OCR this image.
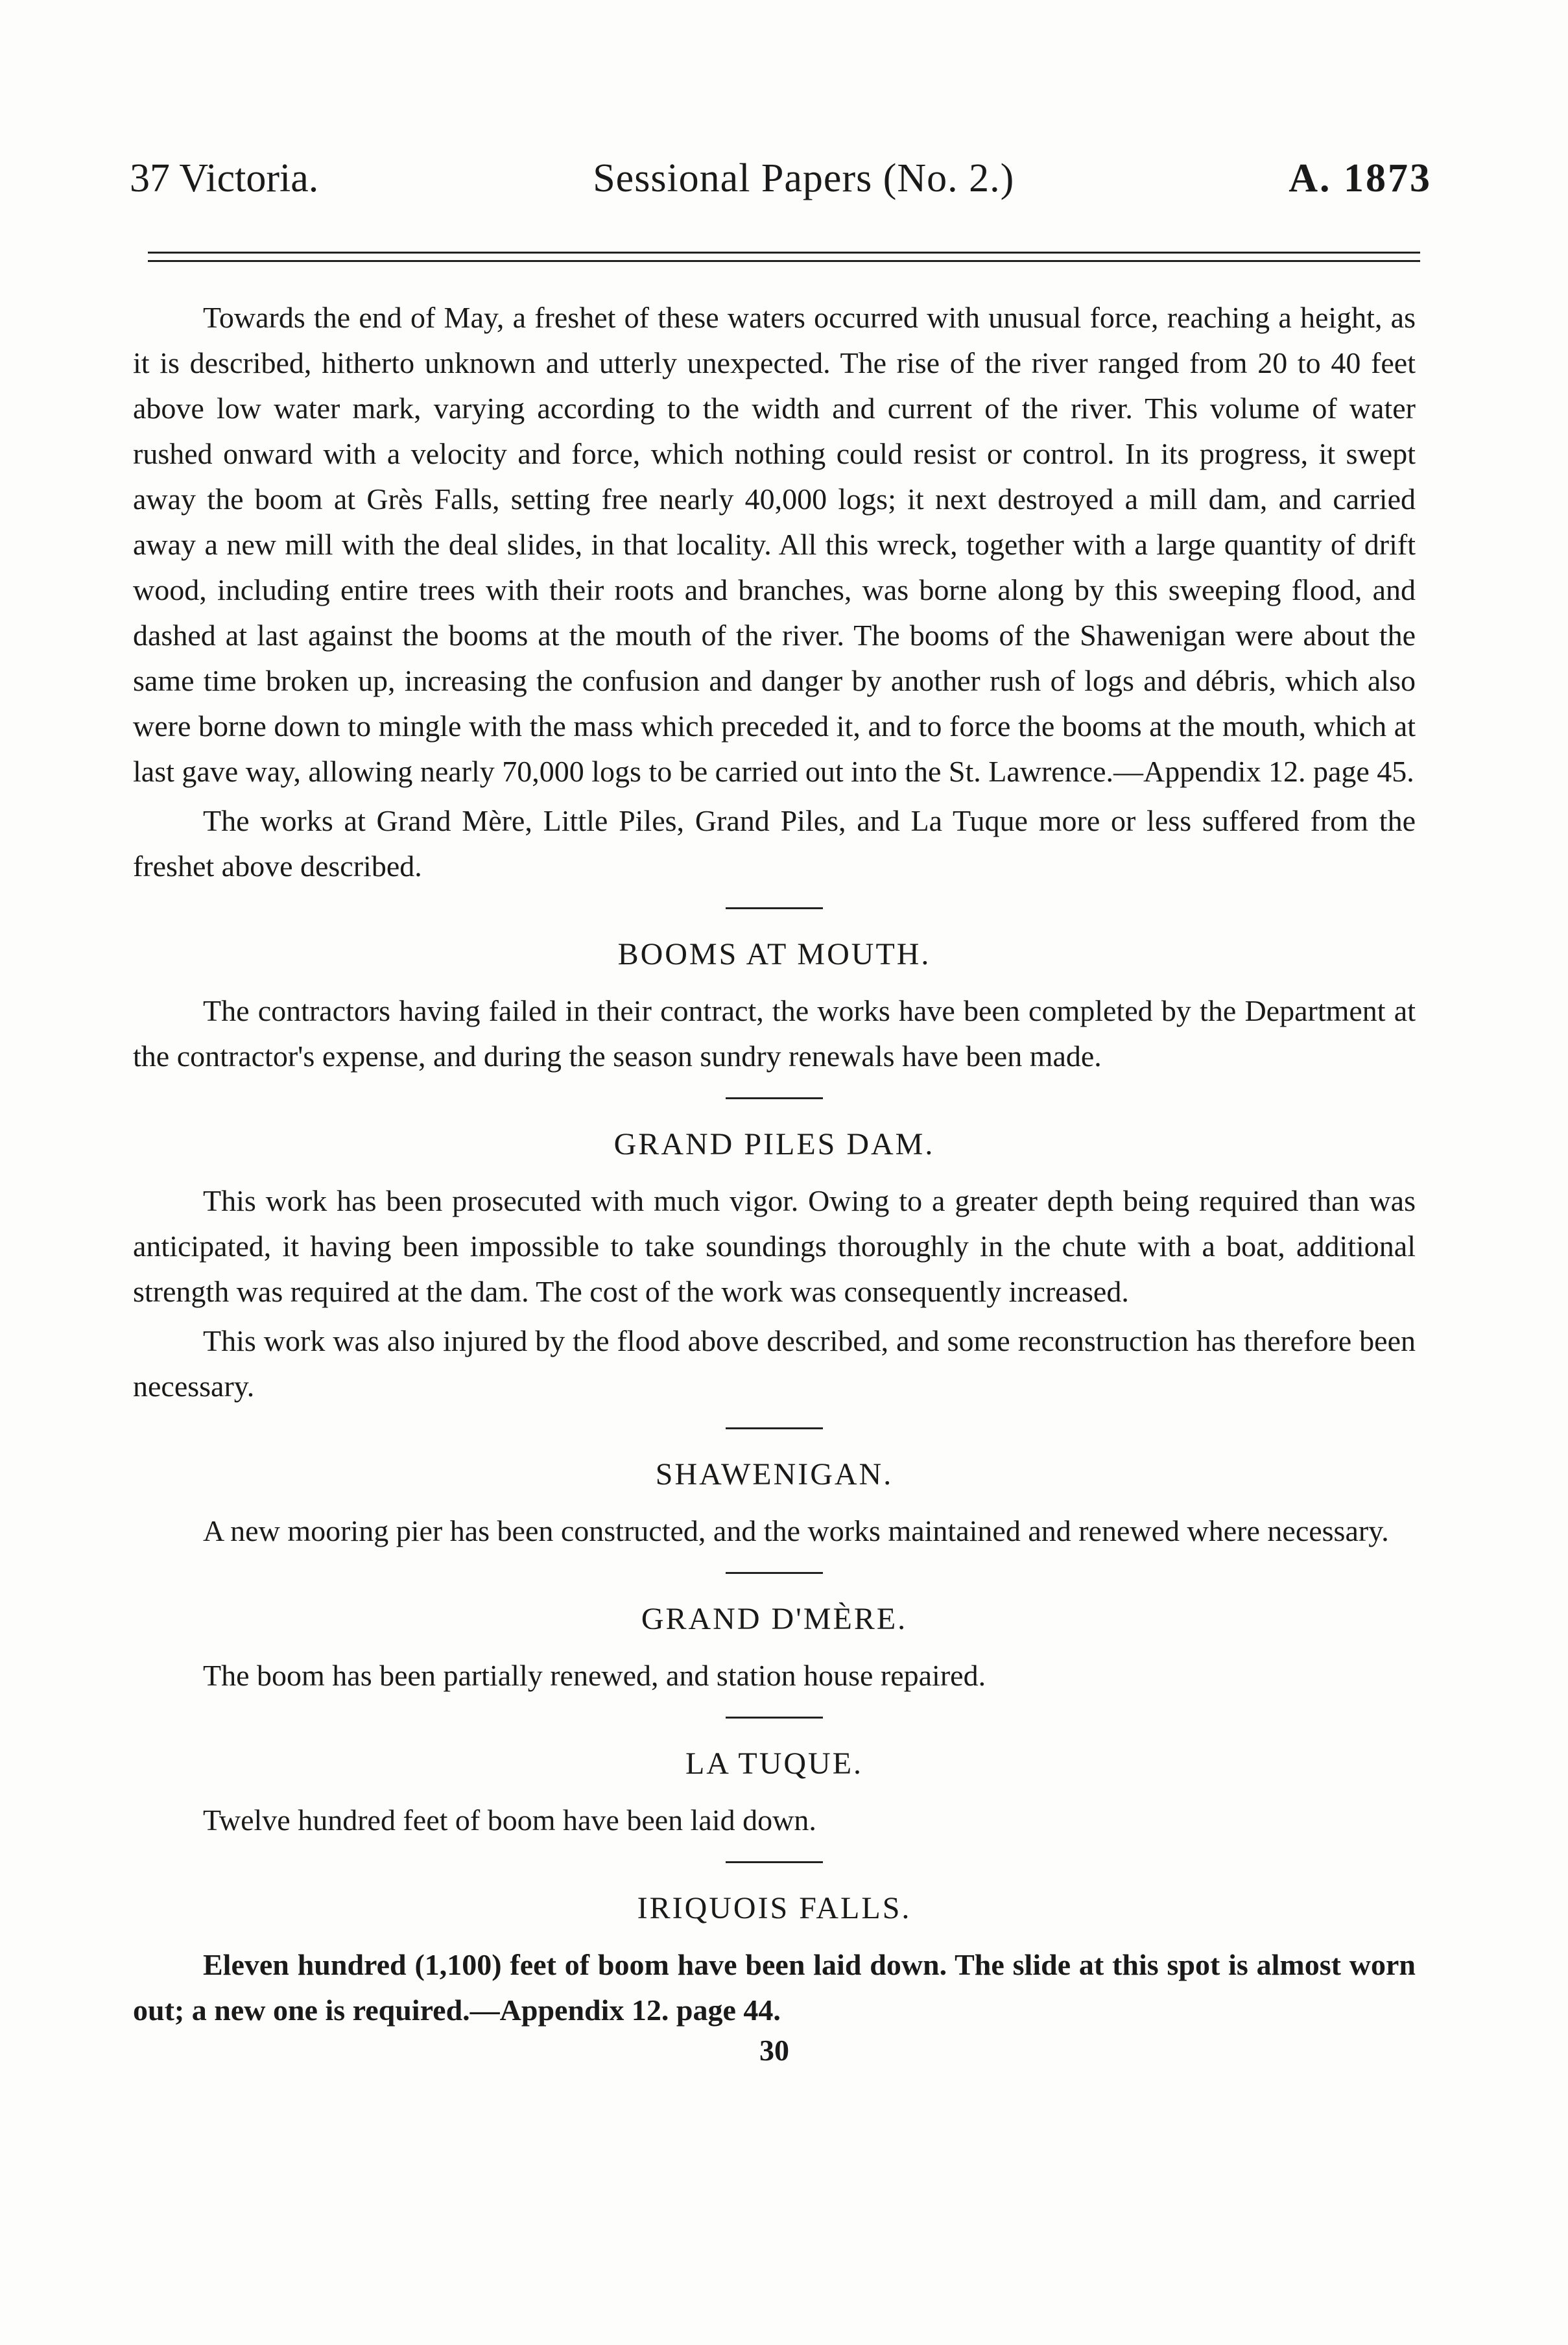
37 Victoria.	Sessional Papers (No. 2.)	A. 1873

Towards the end of May, a freshet of these waters occurred with unusual force, reaching a height, as it is described, hitherto unknown and utterly unexpected. The rise of the river ranged from 20 to 40 feet above low water mark, varying according to the width and current of the river. This volume of water rushed onward with a velocity and force, which nothing could resist or control. In its progress, it swept away the boom at Grès Falls, setting free nearly 40,000 logs; it next destroyed a mill dam, and carried away a new mill with the deal slides, in that locality. All this wreck, together with a large quantity of drift wood, including entire trees with their roots and branches, was borne along by this sweeping flood, and dashed at last against the booms at the mouth of the river. The booms of the Shawenigan were about the same time broken up, increasing the confusion and danger by another rush of logs and débris, which also were borne down to mingle with the mass which preceded it, and to force the booms at the mouth, which at last gave way, allowing nearly 70,000 logs to be carried out into the St. Lawrence.—Appendix 12. page 45.

The works at Grand Mère, Little Piles, Grand Piles, and La Tuque more or less suffered from the freshet above described.

BOOMS AT MOUTH.

The contractors having failed in their contract, the works have been completed by the Department at the contractor's expense, and during the season sundry renewals have been made.

GRAND PILES DAM.

This work has been prosecuted with much vigor. Owing to a greater depth being required than was anticipated, it having been impossible to take soundings thoroughly in the chute with a boat, additional strength was required at the dam. The cost of the work was consequently increased.

This work was also injured by the flood above described, and some reconstruction has therefore been necessary.

SHAWENIGAN.

A new mooring pier has been constructed, and the works maintained and renewed where necessary.

GRAND D'MÈRE.

The boom has been partially renewed, and station house repaired.

LA TUQUE.

Twelve hundred feet of boom have been laid down.

IRIQUOIS FALLS.

Eleven hundred (1,100) feet of boom have been laid down. The slide at this spot is almost worn out; a new one is required.—Appendix 12. page 44.

30
